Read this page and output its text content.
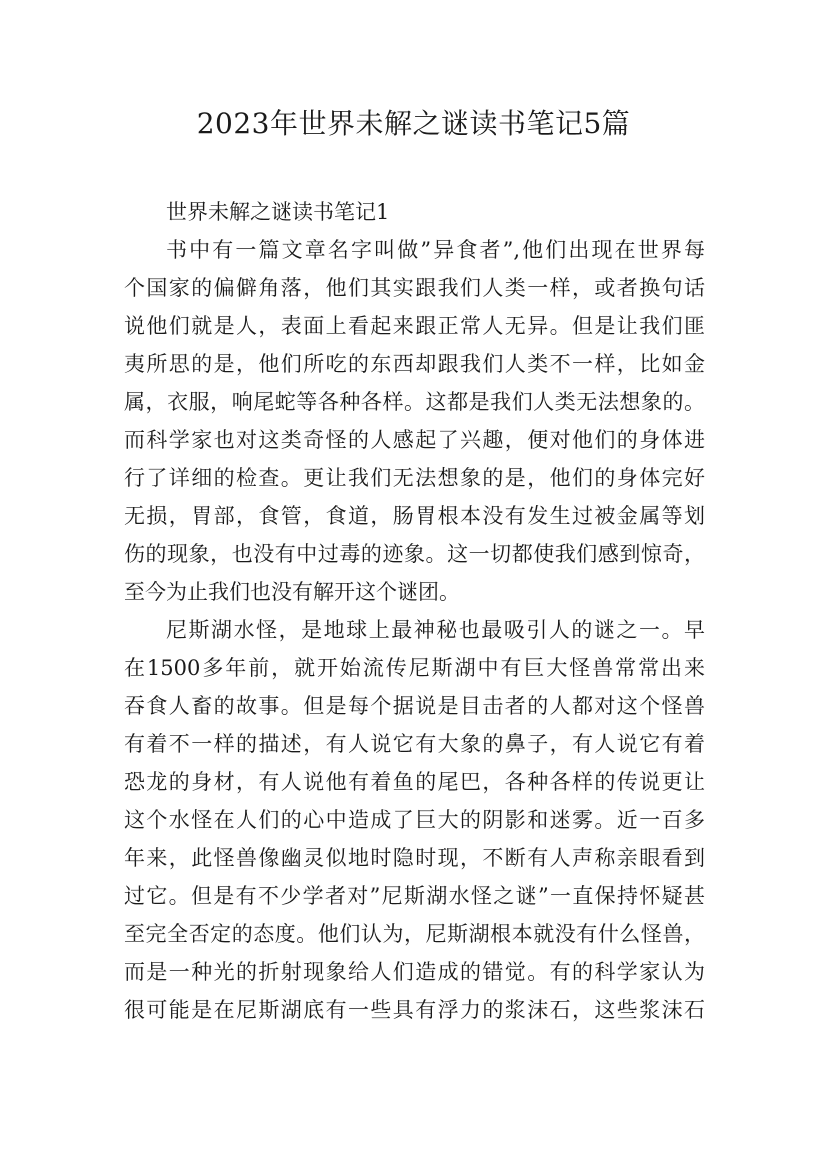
2023年世界未解之谜读书笔记5篇
世界未解之谜读书笔记1
书中有一篇文章名字叫做”异食者”,他们出现在世界每
个国家的偏僻角落，他们其实跟我们人类一样，或者换句话
说他们就是人，表面上看起来跟正常人无异。但是让我们匪
夷所思的是，他们所吃的东西却跟我们人类不一样，比如金
属，衣服，响尾蛇等各种各样。这都是我们人类无法想象的。
而科学家也对这类奇怪的人感起了兴趣，便对他们的身体进
行了详细的检查。更让我们无法想象的是，他们的身体完好
无损，胃部，食管，食道，肠胃根本没有发生过被金属等划
伤的现象，也没有中过毒的迹象。这一切都使我们感到惊奇，
至今为止我们也没有解开这个谜团。
尼斯湖水怪，是地球上最神秘也最吸引人的谜之一。早
在1500多年前，就开始流传尼斯湖中有巨大怪兽常常出来
吞食人畜的故事。但是每个据说是目击者的人都对这个怪兽
有着不一样的描述，有人说它有大象的鼻子，有人说它有着
恐龙的身材，有人说他有着鱼的尾巴，各种各样的传说更让
这个水怪在人们的心中造成了巨大的阴影和迷雾。近一百多
年来，此怪兽像幽灵似地时隐时现，不断有人声称亲眼看到
过它。但是有不少学者对”尼斯湖水怪之谜”一直保持怀疑甚
至完全否定的态度。他们认为，尼斯湖根本就没有什么怪兽，
而是一种光的折射现象给人们造成的错觉。有的科学家认为
很可能是在尼斯湖底有一些具有浮力的浆沫石，这些浆沫石
